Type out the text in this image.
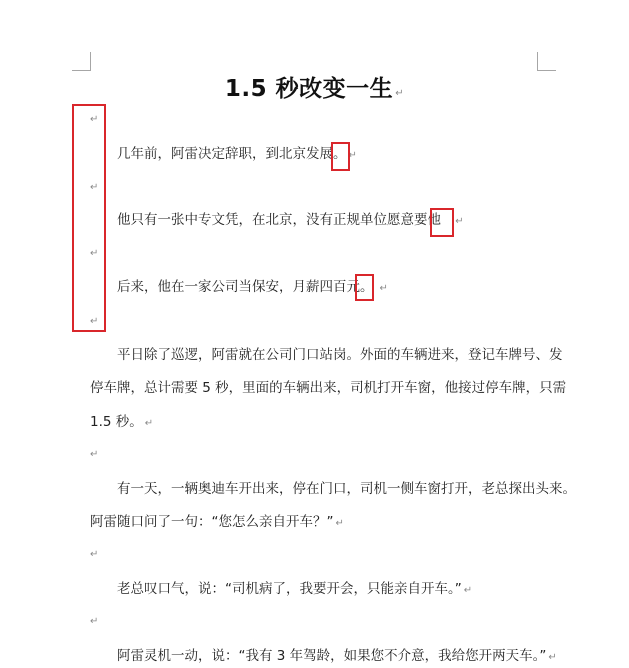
1.5 秒改变一生 ↵
↵
↵
↵
↵
几年前，阿雷决定辞职，到北京发展。 ↵
他只有一张中专文凭，在北京，没有正规单位愿意要他 ↵
后来，他在一家公司当保安，月薪四百元。 ↵
平日除了巡逻，阿雷就在公司门口站岗。外面的车辆进来，登记车牌号、发
停车牌，总计需要 5 秒，里面的车辆出来，司机打开车窗，他接过停车牌，只需
1.5 秒。 ↵
↵
有一天，一辆奥迪车开出来，停在门口，司机一侧车窗打开，老总探出头来。
阿雷随口问了一句：“您怎么亲自开车？” ↵
↵
老总叹口气，说：“司机病了，我要开会，只能亲自开车。” ↵
↵
阿雷灵机一动，说：“我有 3 年驾龄，如果您不介意，我给您开两天车。” ↵
